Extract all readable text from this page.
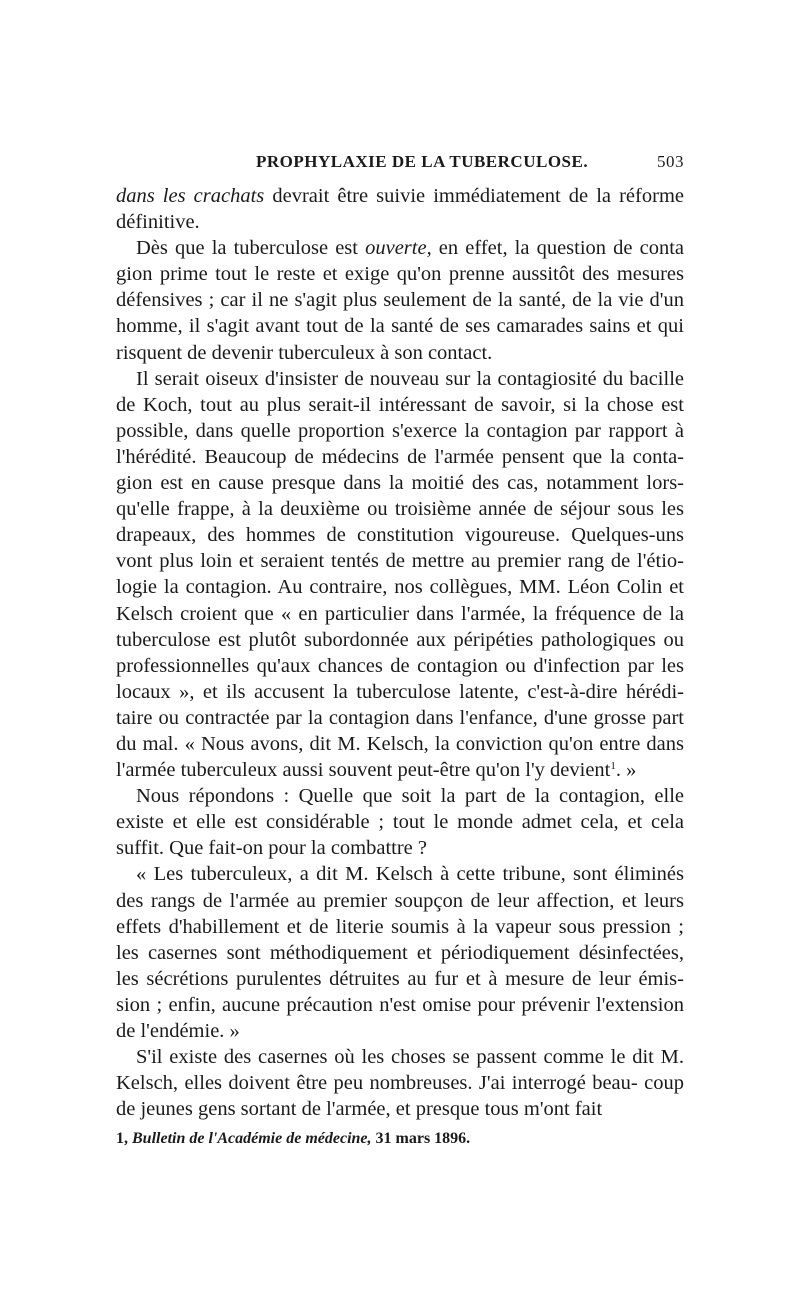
PROPHYLAXIE DE LA TUBERCULOSE.	503

dans les crachats devrait être suivie immédiatement de la réforme définitive.

Dès que la tuberculose est ouverte, en effet, la question de conta gion prime tout le reste et exige qu'on prenne aussitôt des mesures défensives ; car il ne s'agit plus seulement de la santé, de la vie d'un homme, il s'agit avant tout de la santé de ses camarades sains et qui risquent de devenir tuberculeux à son contact.

Il serait oiseux d'insister de nouveau sur la contagiosité du bacille de Koch, tout au plus serait-il intéressant de savoir, si la chose est possible, dans quelle proportion s'exerce la contagion par rapport à l'hérédité. Beaucoup de médecins de l'armée pensent que la conta- gion est en cause presque dans la moitié des cas, notamment lors- qu'elle frappe, à la deuxième ou troisième année de séjour sous les drapeaux, des hommes de constitution vigoureuse. Quelques-uns vont plus loin et seraient tentés de mettre au premier rang de l'étio- logie la contagion. Au contraire, nos collègues, MM. Léon Colin et Kelsch croient que « en particulier dans l'armée, la fréquence de la tuberculose est plutôt subordonnée aux péripéties pathologiques ou professionnelles qu'aux chances de contagion ou d'infection par les locaux », et ils accusent la tuberculose latente, c'est-à-dire hérédi- taire ou contractée par la contagion dans l'enfance, d'une grosse part du mal. « Nous avons, dit M. Kelsch, la conviction qu'on entre dans l'armée tuberculeux aussi souvent peut-être qu'on l'y devient$^1$. »

Nous répondons : Quelle que soit la part de la contagion, elle existe et elle est considérable ; tout le monde admet cela, et cela suffit. Que fait-on pour la combattre ?

« Les tuberculeux, a dit M. Kelsch à cette tribune, sont éliminés des rangs de l'armée au premier soupçon de leur affection, et leurs effets d'habillement et de literie soumis à la vapeur sous pression ; les casernes sont méthodiquement et périodiquement désinfectées, les sécrétions purulentes détruites au fur et à mesure de leur émis- sion ; enfin, aucune précaution n'est omise pour prévenir l'extension de l'endémie. »

S'il existe des casernes où les choses se passent comme le dit M. Kelsch, elles doivent être peu nombreuses. J'ai interrogé beau- coup de jeunes gens sortant de l'armée, et presque tous m'ont fait

1, Bulletin de l'Académie de médecine, 31 mars 1896.
